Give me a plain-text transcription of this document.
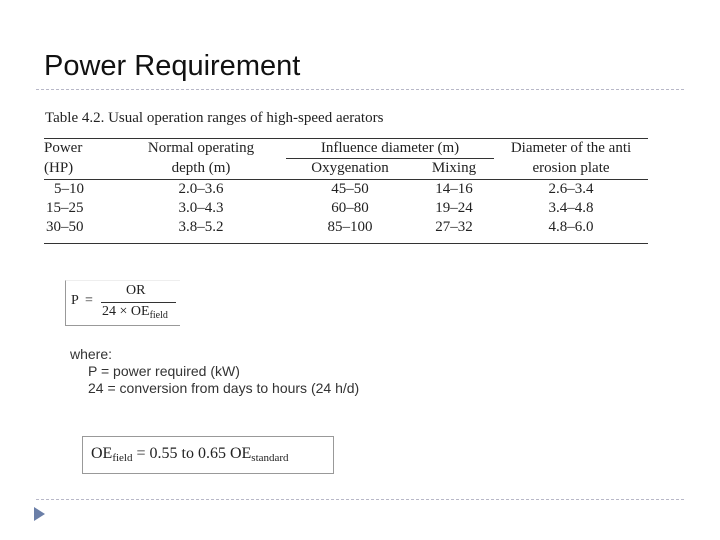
Power Requirement
Table 4.2. Usual operation ranges of high-speed aerators
Power	Normal operating	Influence diameter (m)		Diameter of the anti
(HP)	depth (m)	Oxygenation	Mixing	erosion plate
5–10	2.0–3.6	45–50	14–16	2.6–3.4
15–25	3.0–4.3	60–80	19–24	3.4–4.8
30–50	3.8–5.2	85–100	27–32	4.8–6.0
P =
OR
$24 \times OE_{field}$
where:
P = power required (kW)
24 = conversion from days to hours (24 h/d)
OEfield = 0.55 to 0.65 OEstandard
